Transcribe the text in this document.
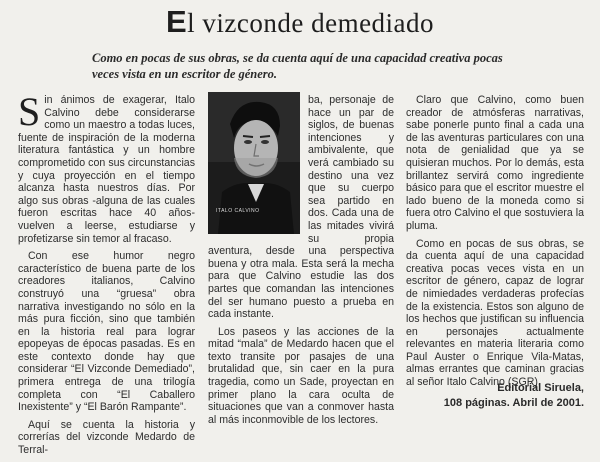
El vizconde demediado

Como en pocas de sus obras, se da cuenta aquí de una capacidad creativa pocas veces vista en un escritor de género.

Sin ánimos de exagerar, Italo Calvino debe considerarse como un maestro a todas luces, fuente de inspiración de la moderna literatura fantástica y un hombre comprometido con sus circunstancias y cuya proyección en el tiempo alcanza hasta nuestros días. Por algo sus obras -alguna de las cuales fueron escritas hace 40 años- vuelven a leerse, estudiarse y profetizarse sin temor al fracaso.

Con ese humor negro característico de buena parte de los creadores italianos, Calvino construyó una “gruesa” obra narrativa investigando no sólo en la más pura ficción, sino que también en la historia real para lograr epopeyas de épocas pasadas. Es en este contexto donde hay que considerar “El Vizconde Demediado”, primera entrega de una trilogía completa con “El Caballero Inexistente” y “El Barón Rampante”.

Aquí se cuenta la historia y correrías del vizconde Medardo de Terral-

ITALO CALVINO

ba, personaje de hace un par de siglos, de buenas intenciones y ambivalente, que verá cambiado su destino una vez que su cuerpo sea partido en dos. Cada una de las mitades vivirá su propia aventura, desde una perspectiva buena y otra mala. Esta será la mecha para que Calvino estudie las dos partes que comandan las intenciones del ser humano puesto a prueba en cada instante.

Los paseos y las acciones de la mitad “mala” de Medardo hacen que el texto transite por pasajes de una brutalidad que, sin caer en la pura tragedia, como un Sade, proyectan en primer plano la cara oculta de situaciones que van a conmover hasta al más inconmovible de los lectores.

Claro que Calvino, como buen creador de atmósferas narrativas, sabe ponerle punto final a cada una de las aventuras particulares con una nota de genialidad que ya se quisieran muchos. Por lo demás, esta brillantez servirá como ingrediente básico para que el escritor muestre el lado bueno de la moneda como si fuera otro Calvino el que sostuviera la pluma.

Como en pocas de sus obras, se da cuenta aquí de una capacidad creativa pocas veces vista en un escritor de género, capaz de lograr de nimiedades verdaderas profecías de la existencia. Estos son alguno de los hechos que justifican su influencia en personajes actualmente relevantes en materia literaria como Paul Auster o Enrique Vila-Matas, almas errantes que caminan gracias al señor Italo Calvino (SGR).

Editorial Siruela,
108 páginas. Abril de 2001.
